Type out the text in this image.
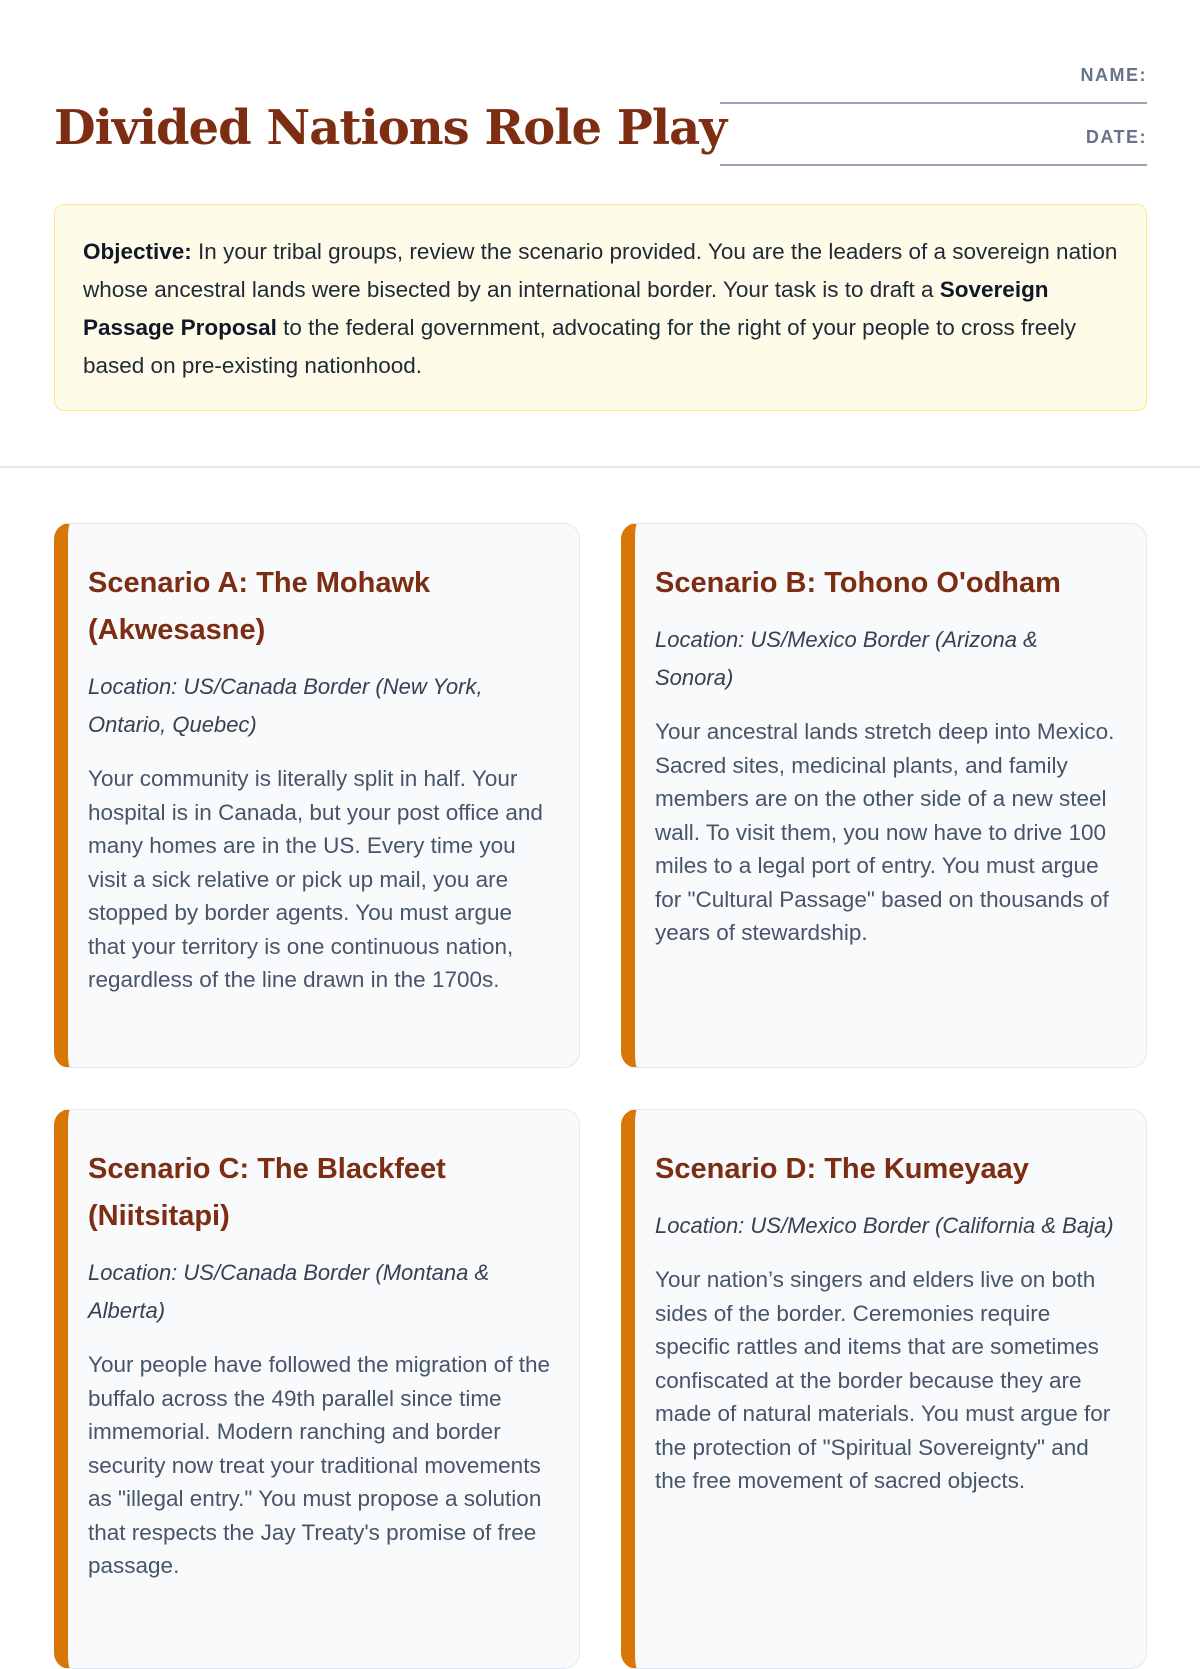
Divided Nations Role Play
NAME:
DATE:
Objective: In your tribal groups, review the scenario provided. You are the leaders of a sovereign nation whose ancestral lands were bisected by an international border. Your task is to draft a Sovereign Passage Proposal to the federal government, advocating for the right of your people to cross freely based on pre-existing nationhood.
Scenario A: The Mohawk (Akwesasne)

Location: US/Canada Border (New York, Ontario, Quebec)

Your community is literally split in half. Your hospital is in Canada, but your post office and many homes are in the US. Every time you visit a sick relative or pick up mail, you are stopped by border agents. You must argue that your territory is one continuous nation, regardless of the line drawn in the 1700s.

Scenario B: Tohono O'odham

Location: US/Mexico Border (Arizona & Sonora)

Your ancestral lands stretch deep into Mexico. Sacred sites, medicinal plants, and family members are on the other side of a new steel wall. To visit them, you now have to drive 100 miles to a legal port of entry. You must argue for "Cultural Passage" based on thousands of years of stewardship.

Scenario C: The Blackfeet (Niitsitapi)

Location: US/Canada Border (Montana & Alberta)

Your people have followed the migration of the buffalo across the 49th parallel since time immemorial. Modern ranching and border security now treat your traditional movements as "illegal entry." You must propose a solution that respects the Jay Treaty's promise of free passage.

Scenario D: The Kumeyaay

Location: US/Mexico Border (California & Baja)

Your nation’s singers and elders live on both sides of the border. Ceremonies require specific rattles and items that are sometimes confiscated at the border because they are made of natural materials. You must argue for the protection of "Spiritual Sovereignty" and the free movement of sacred objects.
